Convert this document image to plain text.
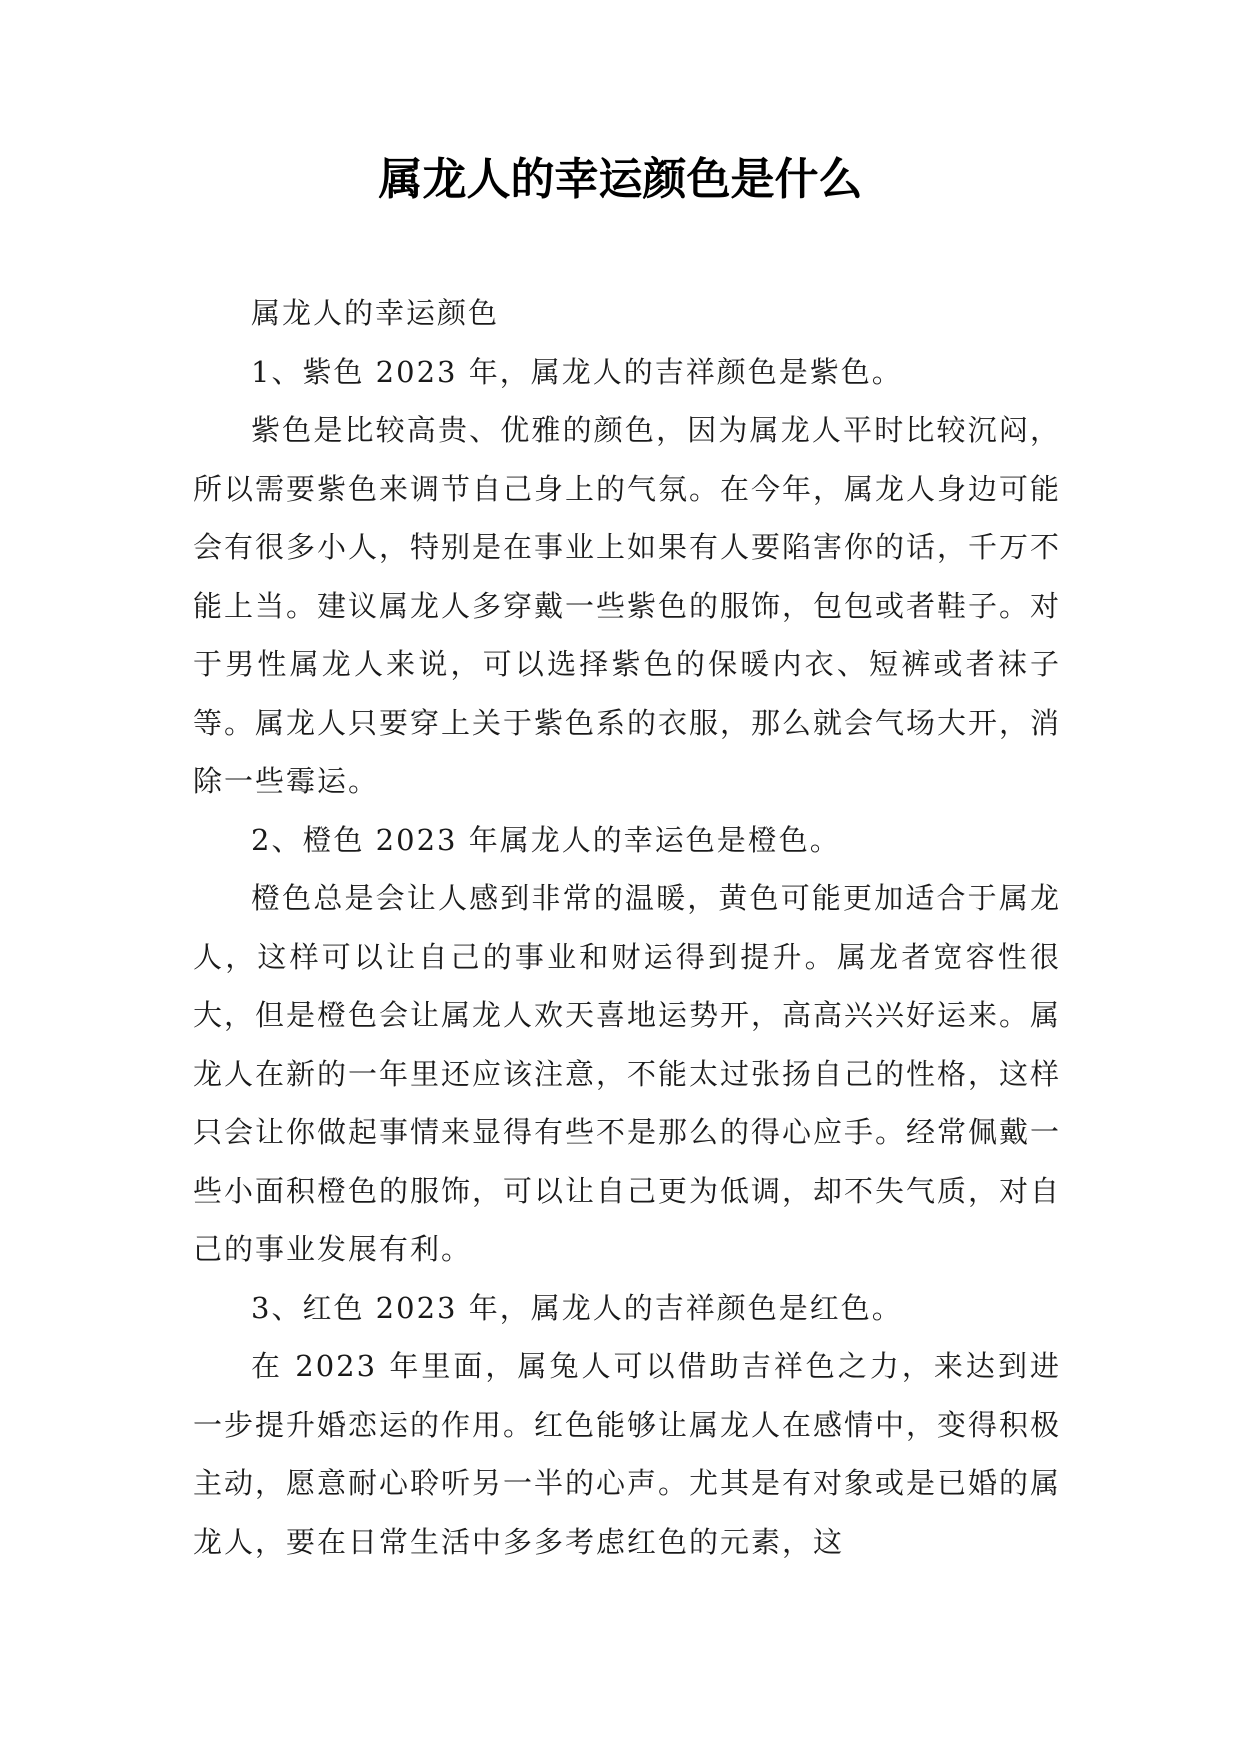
属龙人的幸运颜色是什么

属龙人的幸运颜色

1、紫色 2023 年，属龙人的吉祥颜色是紫色。

紫色是比较高贵、优雅的颜色，因为属龙人平时比较沉闷，所以需要紫色来调节自己身上的气氛。在今年，属龙人身边可能会有很多小人，特别是在事业上如果有人要陷害你的话，千万不能上当。建议属龙人多穿戴一些紫色的服饰，包包或者鞋子。对于男性属龙人来说，可以选择紫色的保暖内衣、短裤或者袜子等。属龙人只要穿上关于紫色系的衣服，那么就会气场大开，消除一些霉运。

2、橙色 2023 年属龙人的幸运色是橙色。

橙色总是会让人感到非常的温暖，黄色可能更加适合于属龙人，这样可以让自己的事业和财运得到提升。属龙者宽容性很大，但是橙色会让属龙人欢天喜地运势开，高高兴兴好运来。属龙人在新的一年里还应该注意，不能太过张扬自己的性格，这样只会让你做起事情来显得有些不是那么的得心应手。经常佩戴一些小面积橙色的服饰，可以让自己更为低调，却不失气质，对自己的事业发展有利。

3、红色 2023 年，属龙人的吉祥颜色是红色。

在 2023 年里面，属兔人可以借助吉祥色之力，来达到进一步提升婚恋运的作用。红色能够让属龙人在感情中，变得积极主动，愿意耐心聆听另一半的心声。尤其是有对象或是已婚的属龙人，要在日常生活中多多考虑红色的元素，这
